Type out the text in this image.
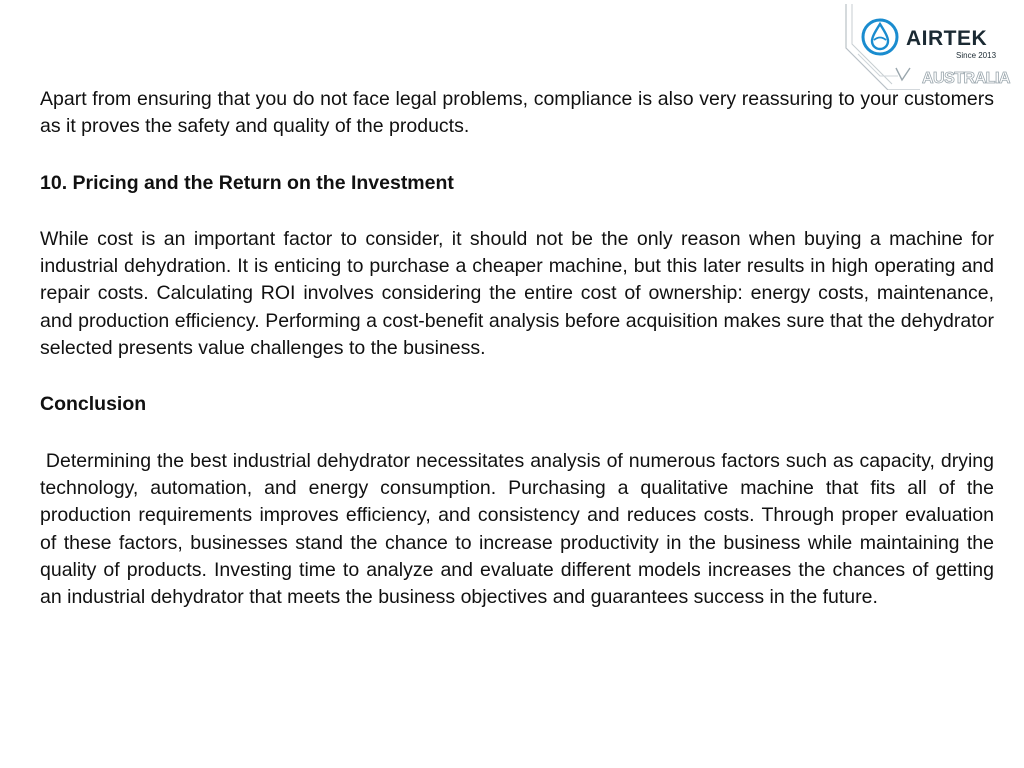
AIRTEK
Since 2013
AUSTRALIA

Apart from ensuring that you do not face legal problems, compliance is also very reassuring to your customers as it proves the safety and quality of the products.

10. Pricing and the Return on the Investment

While cost is an important factor to consider, it should not be the only reason when buying a machine for industrial dehydration. It is enticing to purchase a cheaper machine, but this later results in high operating and repair costs. Calculating ROI involves considering the entire cost of ownership: energy costs, maintenance, and production efficiency. Performing a cost-benefit analysis before acquisition makes sure that the dehydrator selected presents value challenges to the business.

Conclusion

Determining the best industrial dehydrator necessitates analysis of numerous factors such as capacity, drying technology, automation, and energy consumption. Purchasing a qualitative machine that fits all of the production requirements improves efficiency, and consistency and reduces costs. Through proper evaluation of these factors, businesses stand the chance to increase productivity in the business while maintaining the quality of products. Investing time to analyze and evaluate different models increases the chances of getting an industrial dehydrator that meets the business objectives and guarantees success in the future.
